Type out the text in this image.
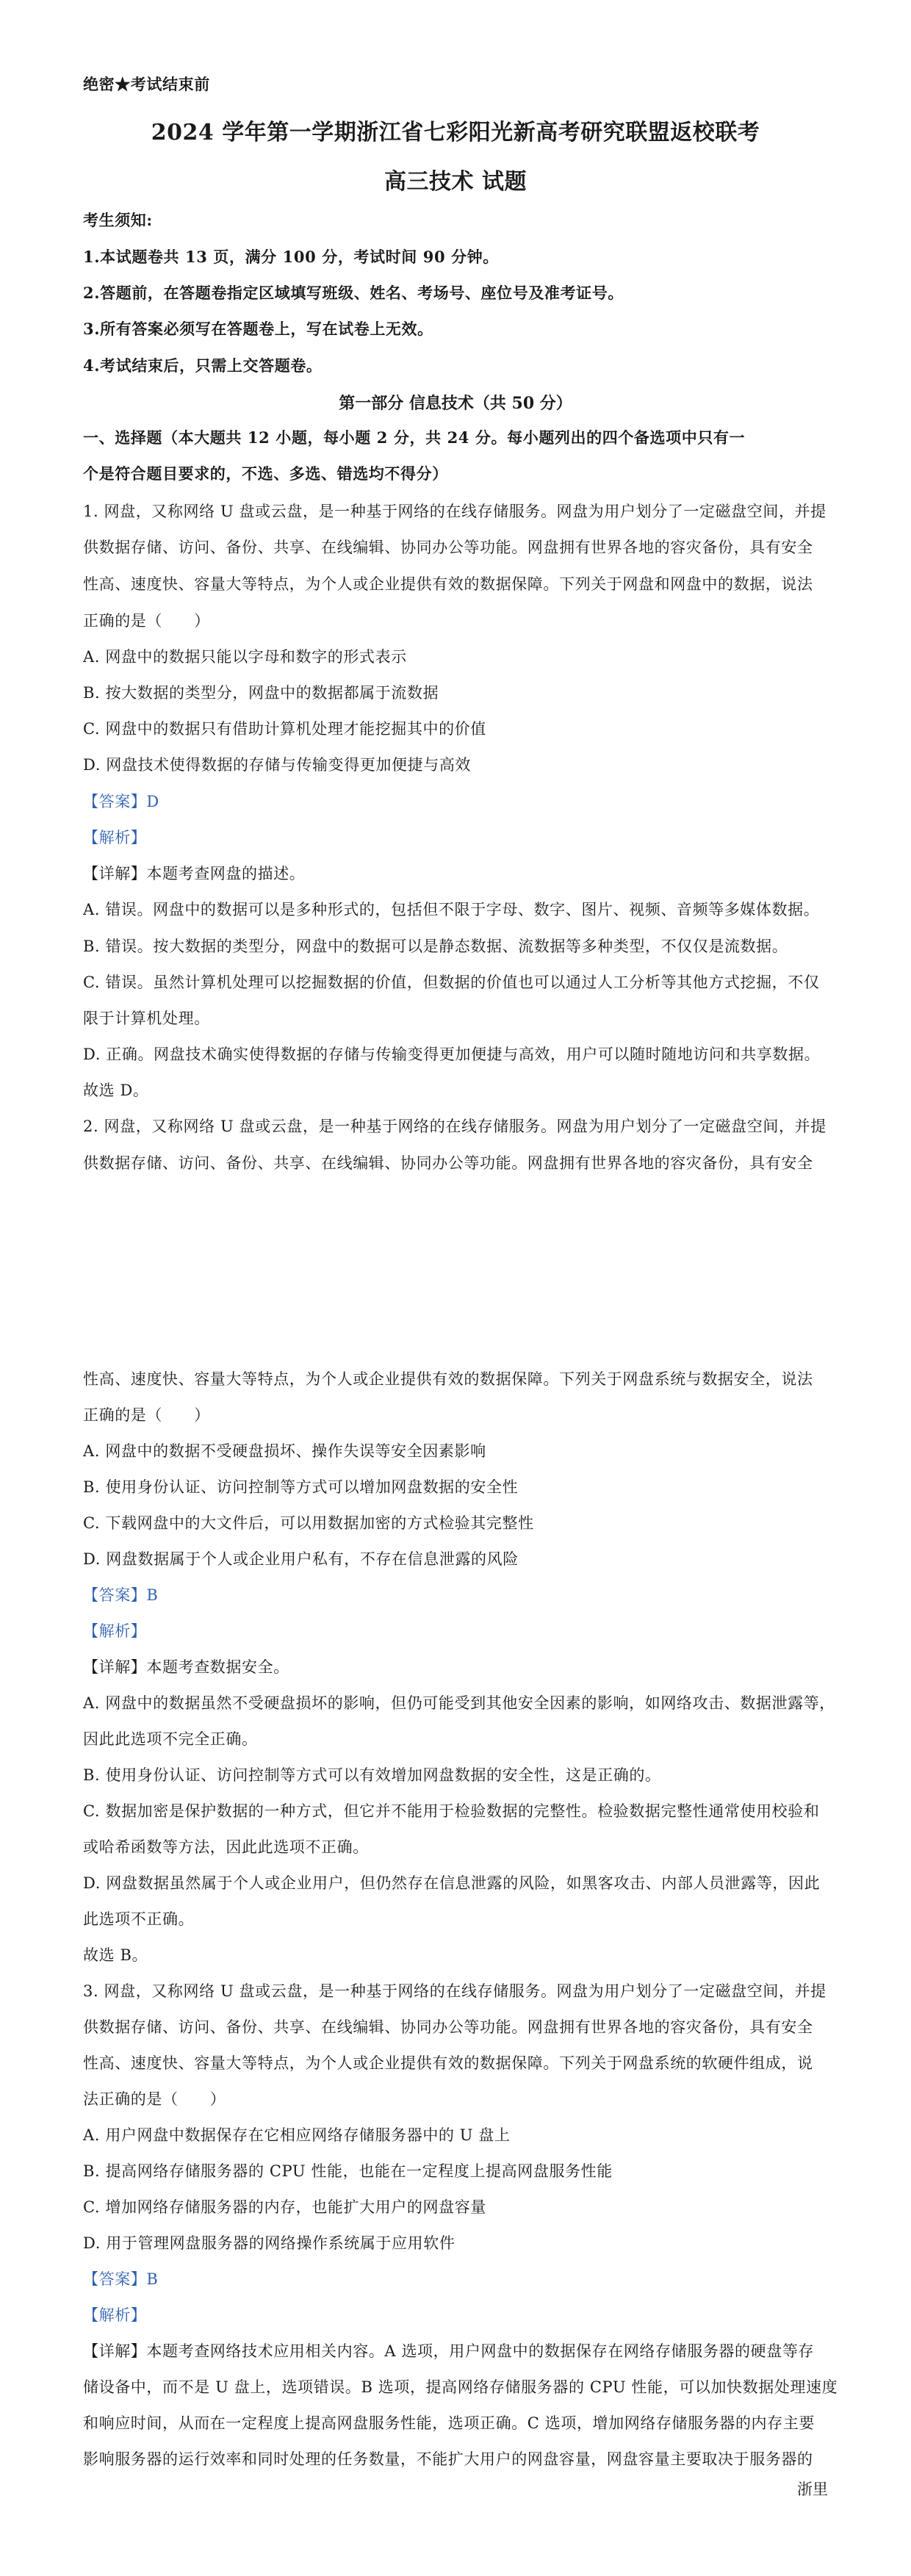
绝密★考试结束前
2024 学年第一学期浙江省七彩阳光新高考研究联盟返校联考
高三技术 试题
考生须知:
1.本试题卷共 13 页，满分 100 分，考试时间 90 分钟。
2.答题前，在答题卷指定区域填写班级、姓名、考场号、座位号及准考证号。
3.所有答案必须写在答题卷上，写在试卷上无效。
4.考试结束后，只需上交答题卷。
第一部分 信息技术（共 50 分）
一、选择题（本大题共 12 小题，每小题 2 分，共 24 分。每小题列出的四个备选项中只有一
个是符合题目要求的，不选、多选、错选均不得分）
1. 网盘，又称网络 U 盘或云盘，是一种基于网络的在线存储服务。网盘为用户划分了一定磁盘空间，并提
供数据存储、访问、备份、共享、在线编辑、协同办公等功能。网盘拥有世界各地的容灾备份，具有安全
性高、速度快、容量大等特点，为个人或企业提供有效的数据保障。下列关于网盘和网盘中的数据，说法
正确的是（　　）
A. 网盘中的数据只能以字母和数字的形式表示
B. 按大数据的类型分，网盘中的数据都属于流数据
C. 网盘中的数据只有借助计算机处理才能挖掘其中的价值
D. 网盘技术使得数据的存储与传输变得更加便捷与高效
【答案】D
【解析】
【详解】本题考查网盘的描述。
A. 错误。网盘中的数据可以是多种形式的，包括但不限于字母、数字、图片、视频、音频等多媒体数据。
B. 错误。按大数据的类型分，网盘中的数据可以是静态数据、流数据等多种类型，不仅仅是流数据。
C. 错误。虽然计算机处理可以挖掘数据的价值，但数据的价值也可以通过人工分析等其他方式挖掘，不仅
限于计算机处理。
D. 正确。网盘技术确实使得数据的存储与传输变得更加便捷与高效，用户可以随时随地访问和共享数据。
故选 D。
2. 网盘，又称网络 U 盘或云盘，是一种基于网络的在线存储服务。网盘为用户划分了一定磁盘空间，并提
供数据存储、访问、备份、共享、在线编辑、协同办公等功能。网盘拥有世界各地的容灾备份，具有安全
性高、速度快、容量大等特点，为个人或企业提供有效的数据保障。下列关于网盘系统与数据安全，说法
正确的是（　　）
A. 网盘中的数据不受硬盘损坏、操作失误等安全因素影响
B. 使用身份认证、访问控制等方式可以增加网盘数据的安全性
C. 下载网盘中的大文件后，可以用数据加密的方式检验其完整性
D. 网盘数据属于个人或企业用户私有，不存在信息泄露的风险
【答案】B
【解析】
【详解】本题考查数据安全。
A. 网盘中的数据虽然不受硬盘损坏的影响，但仍可能受到其他安全因素的影响，如网络攻击、数据泄露等，
因此此选项不完全正确。
B. 使用身份认证、访问控制等方式可以有效增加网盘数据的安全性，这是正确的。
C. 数据加密是保护数据的一种方式，但它并不能用于检验数据的完整性。检验数据完整性通常使用校验和
或哈希函数等方法，因此此选项不正确。
D. 网盘数据虽然属于个人或企业用户，但仍然存在信息泄露的风险，如黑客攻击、内部人员泄露等，因此
此选项不正确。
故选 B。
3. 网盘，又称网络 U 盘或云盘，是一种基于网络的在线存储服务。网盘为用户划分了一定磁盘空间，并提
供数据存储、访问、备份、共享、在线编辑、协同办公等功能。网盘拥有世界各地的容灾备份，具有安全
性高、速度快、容量大等特点，为个人或企业提供有效的数据保障。下列关于网盘系统的软硬件组成，说
法正确的是（　　）
A. 用户网盘中数据保存在它相应网络存储服务器中的 U 盘上
B. 提高网络存储服务器的 CPU 性能，也能在一定程度上提高网盘服务性能
C. 增加网络存储服务器的内存，也能扩大用户的网盘容量
D. 用于管理网盘服务器的网络操作系统属于应用软件
【答案】B
【解析】
【详解】本题考查网络技术应用相关内容。A 选项，用户网盘中的数据保存在网络存储服务器的硬盘等存
储设备中，而不是 U 盘上，选项错误。B 选项，提高网络存储服务器的 CPU 性能，可以加快数据处理速度
和响应时间，从而在一定程度上提高网盘服务性能，选项正确。C 选项，增加网络存储服务器的内存主要
影响服务器的运行效率和同时处理的任务数量，不能扩大用户的网盘容量，网盘容量主要取决于服务器的
浙里
